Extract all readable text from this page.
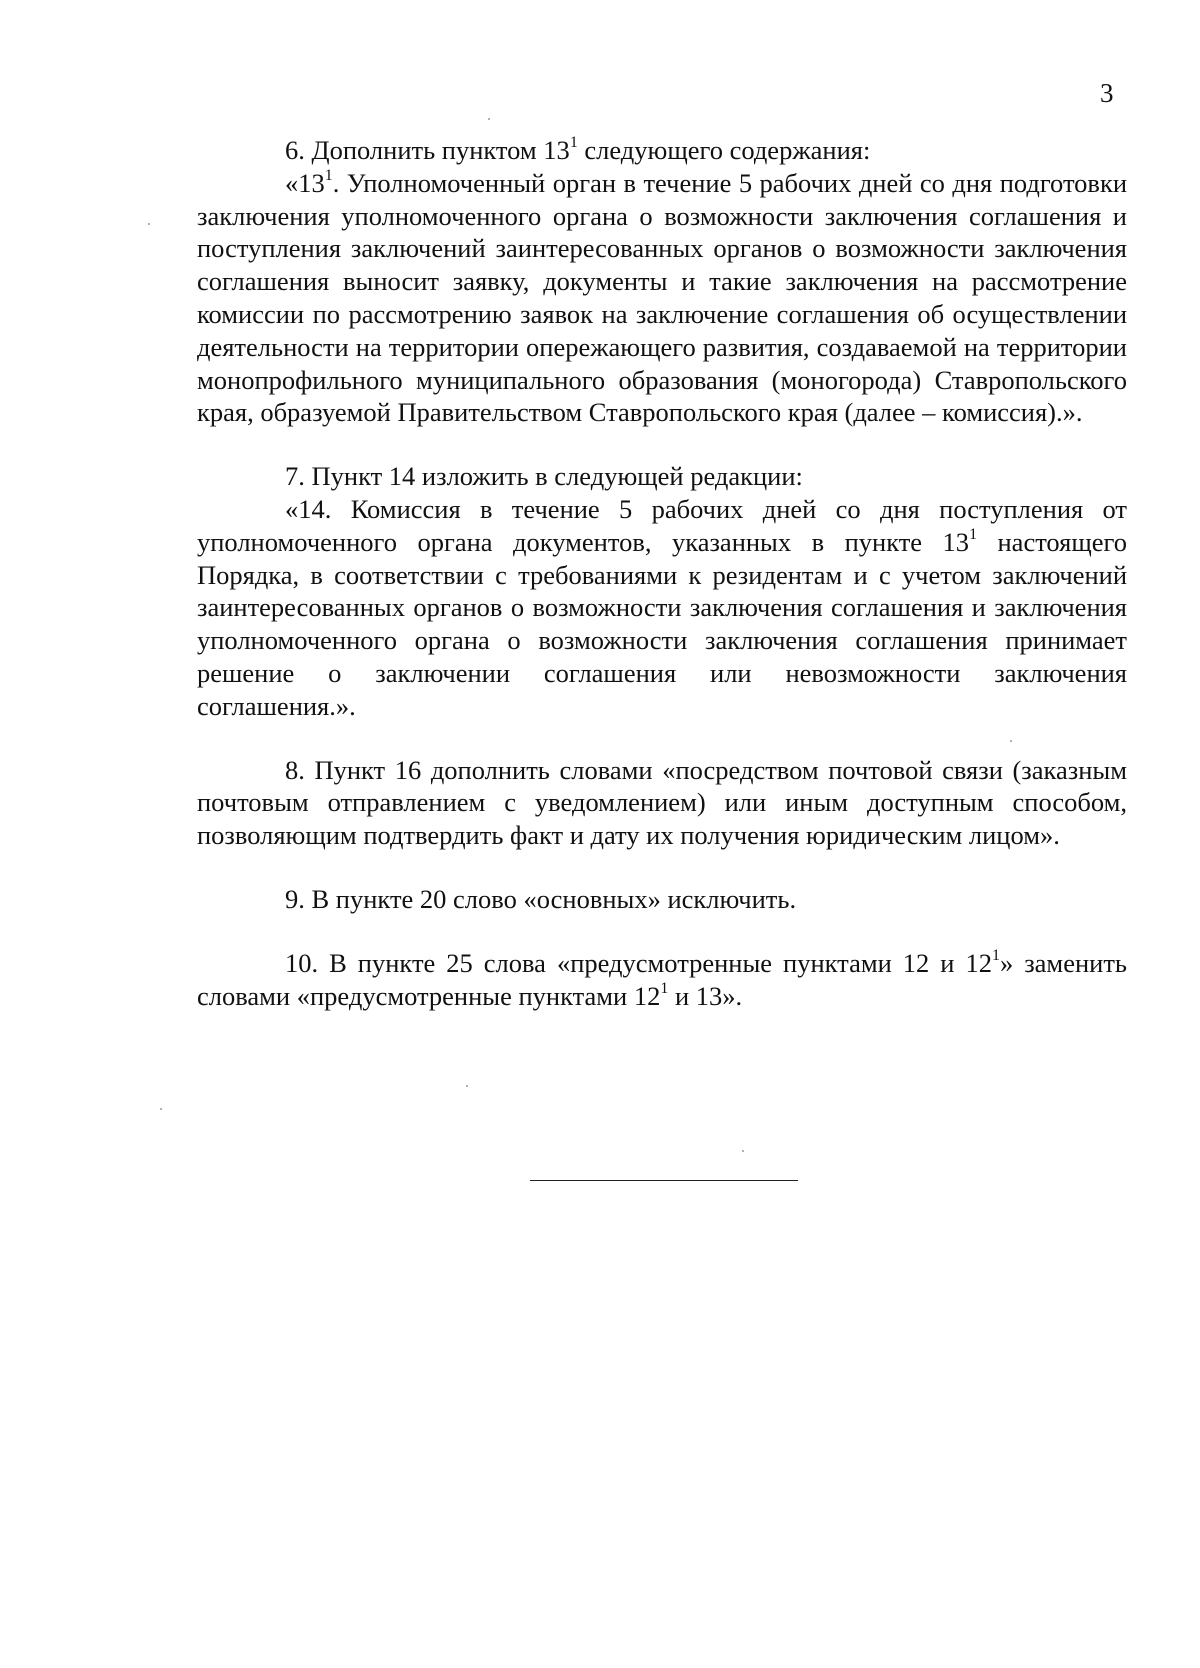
3

6. Дополнить пунктом $13^1$ следующего содержания:

«$13^1$. Уполномоченный орган в течение 5 рабочих дней со дня подготовки заключения уполномоченного органа о возможности заключения соглашения и поступления заключений заинтересованных органов о возможности заключения соглашения выносит заявку, документы и такие заключения на рассмотрение комиссии по рассмотрению заявок на заключение соглашения об осуществлении деятельности на территории опережающего развития, создаваемой на территории монопрофильного муниципального образования (моногорода) Ставропольского края, образуемой Правительством Ставропольского края (далее – комиссия).».

7. Пункт 14 изложить в следующей редакции:

«14. Комиссия в течение 5 рабочих дней со дня поступления от уполномоченного органа документов, указанных в пункте $13^1$ настоящего Порядка, в соответствии с требованиями к резидентам и с учетом заключений заинтересованных органов о возможности заключения соглашения и заключения уполномоченного органа о возможности заключения соглашения принимает решение о заключении соглашения или невозможности заключения соглашения.».

8. Пункт 16 дополнить словами «посредством почтовой связи (заказным почтовым отправлением с уведомлением) или иным доступным способом, позволяющим подтвердить факт и дату их получения юридическим лицом».

9. В пункте 20 слово «основных» исключить.

10. В пункте 25 слова «предусмотренные пунктами 12 и $12^1$» заменить словами «предусмотренные пунктами $12^1$ и 13».
